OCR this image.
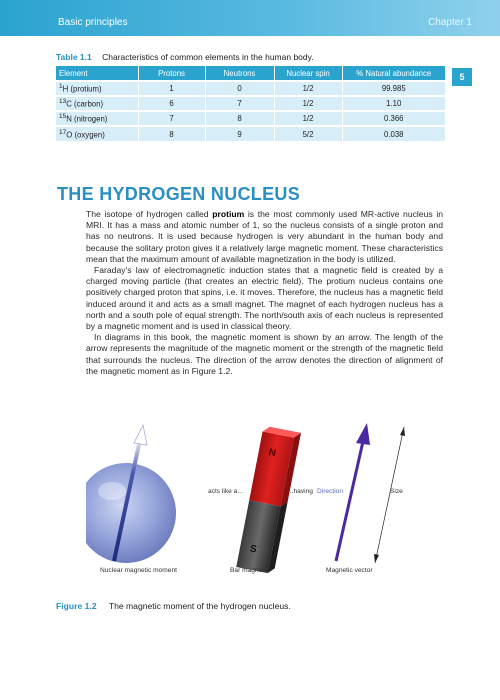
Basic principles	Chapter 1
5
Table 1.1 Characteristics of common elements in the human body.
Element	Protons	Neutrons	Nuclear spin	% Natural abundance
$^1$H (protium)	1	0	1/2	99.985
$^{13}$C (carbon)	6	7	1/2	1.10
$^{15}$N (nitrogen)	7	8	1/2	0.366
$^{17}$O (oxygen)	8	9	5/2	0.038
THE HYDROGEN NUCLEUS

The isotope of hydrogen called protium is the most commonly used MR-active nucleus in MRI. It has a mass and atomic number of 1, so the nucleus consists of a single proton and has no neutrons. It is used because hydrogen is very abundant in the human body and because the solitary proton gives it a relatively large magnetic moment. These characteristics mean that the maximum amount of available magnetization in the body is utilized.

Faraday’s law of electromagnetic induction states that a magnetic field is created by a charged moving particle (that creates an electric field). The protium nucleus contains one positively charged proton that spins, i.e. it moves. Therefore, the nucleus has a magnetic field induced around it and acts as a small magnet. The magnet of each hydrogen nucleus has a north and a south pole of equal strength. The north/south axis of each nucleus is represented by a magnetic moment and is used in classical theory.

In diagrams in this book, the magnetic moment is shown by an arrow. The length of the arrow represents the magnitude of the magnetic moment or the strength of the magnetic field that surrounds the nucleus. The direction of the arrow denotes the direction of alignment of the magnetic moment as in Figure 1.2.

N
S
acts like a...	...having Direction	Size
Nuclear magnetic moment	Bar magnet	Magnetic vector
Figure 1.2 The magnetic moment of the hydrogen nucleus.
